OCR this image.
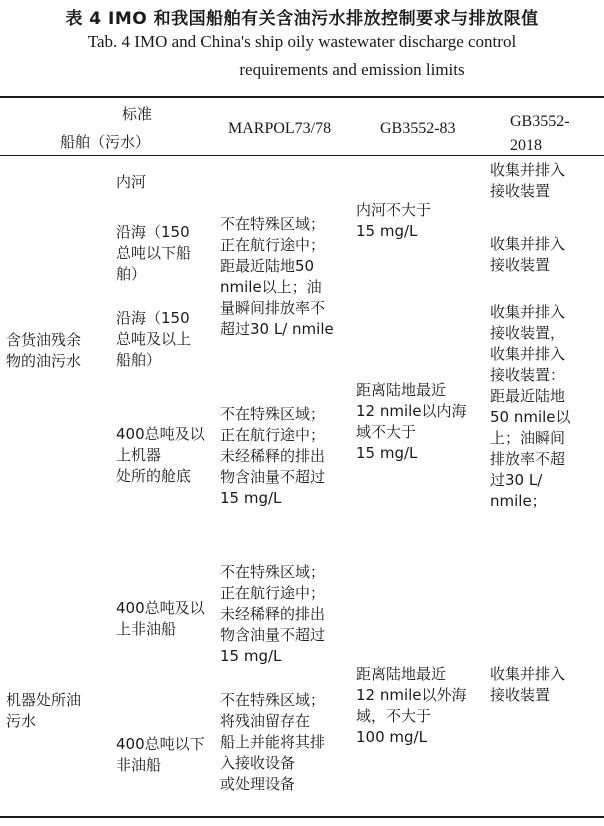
表 4 IMO 和我国船舶有关含油污水排放控制要求与排放限值
Tab. 4 IMO and China's ship oily wastewater discharge control
requirements and emission limits
标准
船舶（污水）
MARPOL73/78	GB3552-83	GB3552-
2018
含货油残余
物的油污水
内河
沿海（150
总吨以下船
舶）
沿海（150
总吨及以上
船舶）
400总吨及以
上机器
处所的舱底
不在特殊区域；
正在航行途中；
距最近陆地50
nmile以上；油
量瞬间排放率不
超过30 L/ nmile
不在特殊区域；
正在航行途中；
未经稀释的排出
物含油量不超过
15 mg/L
内河不大于
15 mg/L
距离陆地最近
12 nmile以内海
域不大于
15 mg/L
收集并排入
接收装置
收集并排入
接收装置
收集并排入
接收装置，
收集并排入
接收装置：
距最近陆地
50 nmile以
上；油瞬间
排放率不超
过30 L/
nmile；
机器处所油
污水
400总吨及以
上非油船
400总吨以下
非油船
不在特殊区域；
正在航行途中；
未经稀释的排出
物含油量不超过
15 mg/L
不在特殊区域；
将残油留存在
船上并能将其排
入接收设备
或处理设备
距离陆地最近
12 nmile以外海
域，不大于
100 mg/L
收集并排入
接收装置
